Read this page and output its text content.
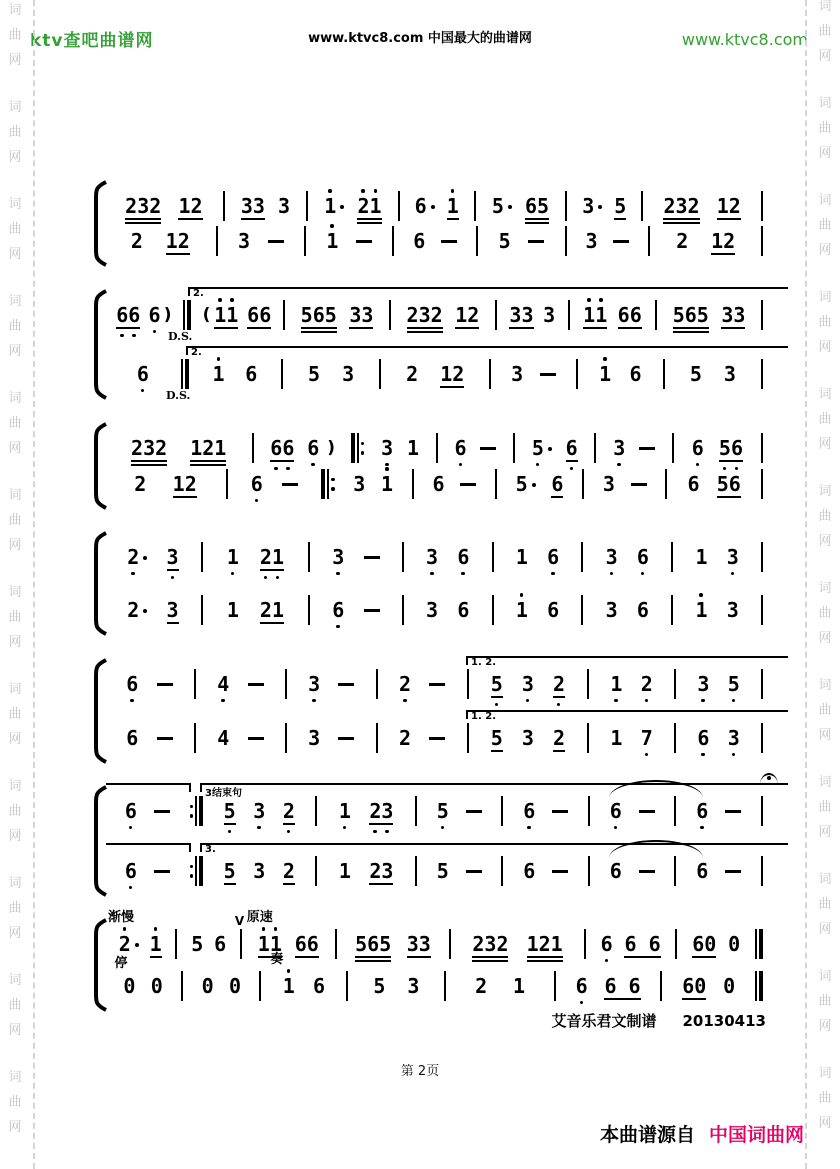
词
曲
网
词
曲
网
词
曲
网
词
曲
网
词
曲
网
词
曲
网
词
曲
网
词
曲
网
词
曲
网
词
曲
网
词
曲
网
词
曲
网
词
曲
网
词
曲
网
词
曲
网
词
曲
网
词
曲
网
词
曲
网
词
曲
网
词
曲
网
词
曲
网
词
曲
网
词
曲
网
词
曲
网
ktv查吧曲谱网	www.ktvc8.com 中国最大的曲谱网	www.ktvc8.com
232 12 33 3 1	2
1 6 1 5	65 3 5 232 12
2 12 3	1	6	5	3	2 12
6
6 6 ) ( 1
1 66 565 33 232 12 33 3 1
1 66 565 33
6	1 6	5 3	2 12 3	1 6 5 3
2.
2.
D.S.
D.S.
232 121 6
6 6 ) 3 1 6	5	6 3	6 5
6
2 12	6	3 1 6	5	6 3	6 56
2	3 1 2
1 3	3 6 1 6 3 6 1 3
2	3 1 21 6	3 6 1 6 3 6 1 3
6	4	3	2	5 3 2 1 2 3 5
6	4	3	2	5 3 2 1 7 6 3
1. 2.
1. 2.
6	5 3 2 1 2
3 5	6	6	6
6	5 3 2 1 23 5	6	6	6
3结束句
3.
2 1 5 6 1
1 66 565 33 232 121 6 6 6 60 0
0 0 0 0 1 6 5 3	2 1	6 6 6 60 0
渐慢
停
原速
奏
V
艾音乐君文制谱 20130413
第 2页
本曲谱源自 中国词曲网
